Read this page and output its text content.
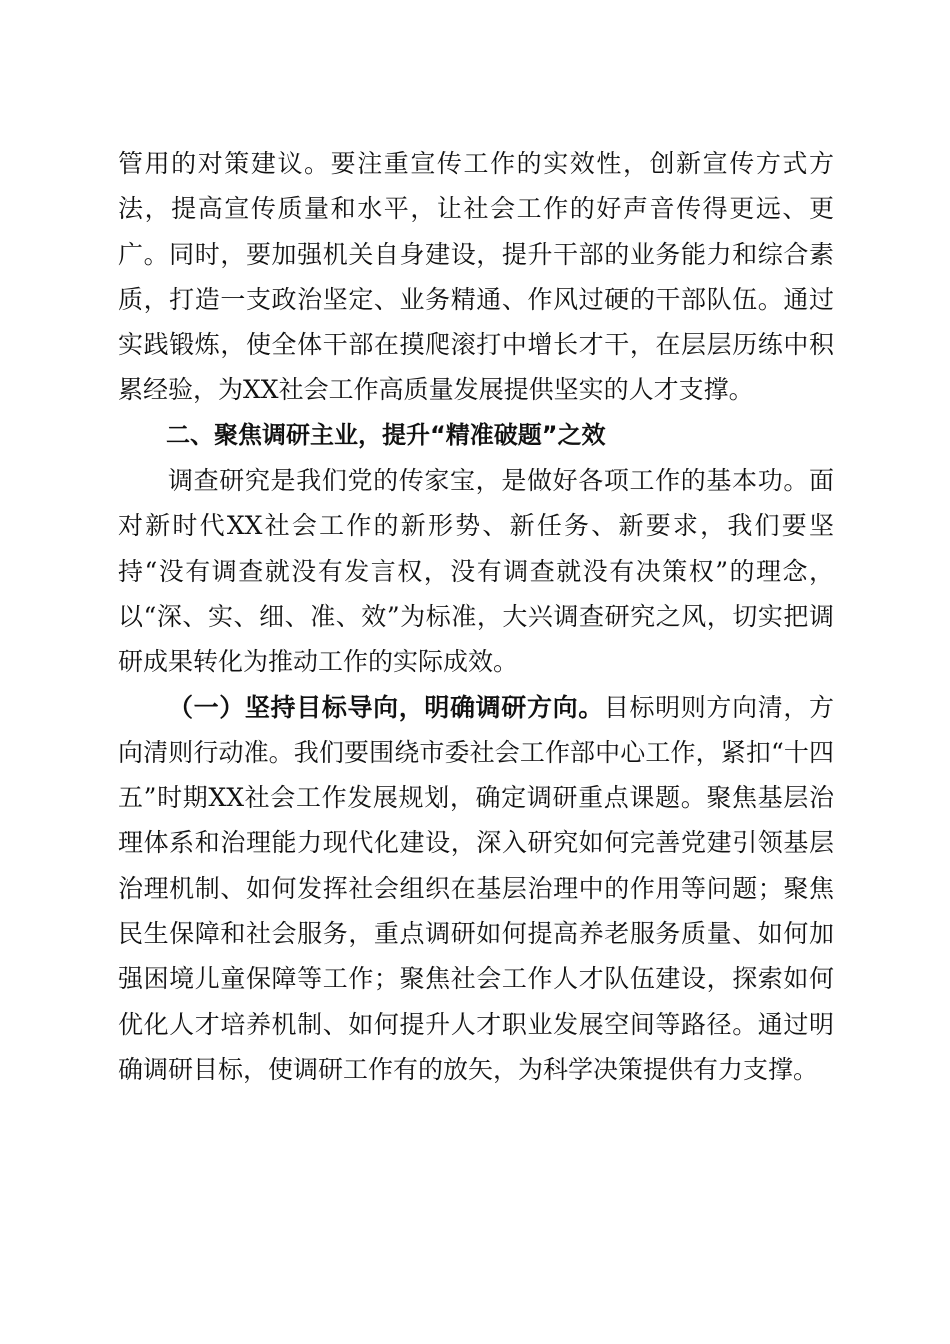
管用的对策建议。要注重宣传工作的实效性，创新宣传方式方法，提高宣传质量和水平，让社会工作的好声音传得更远、更广。同时，要加强机关自身建设，提升干部的业务能力和综合素质，打造一支政治坚定、业务精通、作风过硬的干部队伍。通过实践锻炼，使全体干部在摸爬滚打中增长才干，在层层历练中积累经验，为XX社会工作高质量发展提供坚实的人才支撑。

二、聚焦调研主业，提升“精准破题”之效

调查研究是我们党的传家宝，是做好各项工作的基本功。面对新时代XX社会工作的新形势、新任务、新要求，我们要坚持“没有调查就没有发言权，没有调查就没有决策权”的理念，以“深、实、细、准、效”为标准，大兴调查研究之风，切实把调研成果转化为推动工作的实际成效。

（一）坚持目标导向，明确调研方向。目标明则方向清，方向清则行动准。我们要围绕市委社会工作部中心工作，紧扣“十四五”时期XX社会工作发展规划，确定调研重点课题。聚焦基层治理体系和治理能力现代化建设，深入研究如何完善党建引领基层治理机制、如何发挥社会组织在基层治理中的作用等问题；聚焦民生保障和社会服务，重点调研如何提高养老服务质量、如何加强困境儿童保障等工作；聚焦社会工作人才队伍建设，探索如何优化人才培养机制、如何提升人才职业发展空间等路径。通过明确调研目标，使调研工作有的放矢，为科学决策提供有力支撑。
